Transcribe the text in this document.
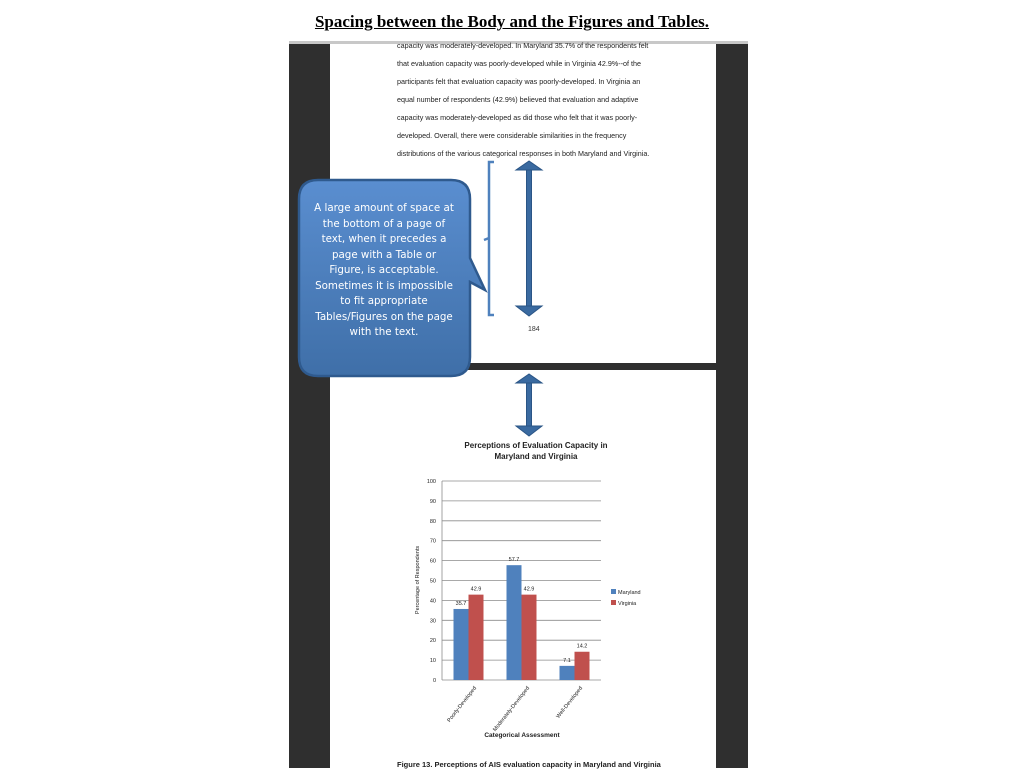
Spacing between the Body and the Figures and Tables.
capacity was moderately-developed. In Maryland 35.7% of the respondents felt
that evaluation capacity was poorly-developed while in Virginia 42.9%--of the
participants felt that evaluation capacity was poorly-developed. In Virginia an
equal number of respondents (42.9%) believed that evaluation and adaptive
capacity was moderately-developed as did those who felt that it was poorly-
developed. Overall, there were considerable similarities in the frequency
distributions of the various categorical responses in both Maryland and Virginia.
184
A large amount of space at the bottom of a page of text, when it precedes a page with a Table or Figure, is acceptable. Sometimes it is impossible to fit appropriate Tables/Figures on the page with the text.
Perceptions of Evaluation Capacity in
Maryland and Virginia
0
10
20
30
40
50
60
70
80
90
100
35.7
42.9
Poorly-Developed
57.7
42.9
Moderately-Developed
7.1
14.2
Well-Developed
Percentage of Respondents
Categorical Assessment
Maryland
Virginia
Figure 13. Perceptions of AIS evaluation capacity in Maryland and Virginia
